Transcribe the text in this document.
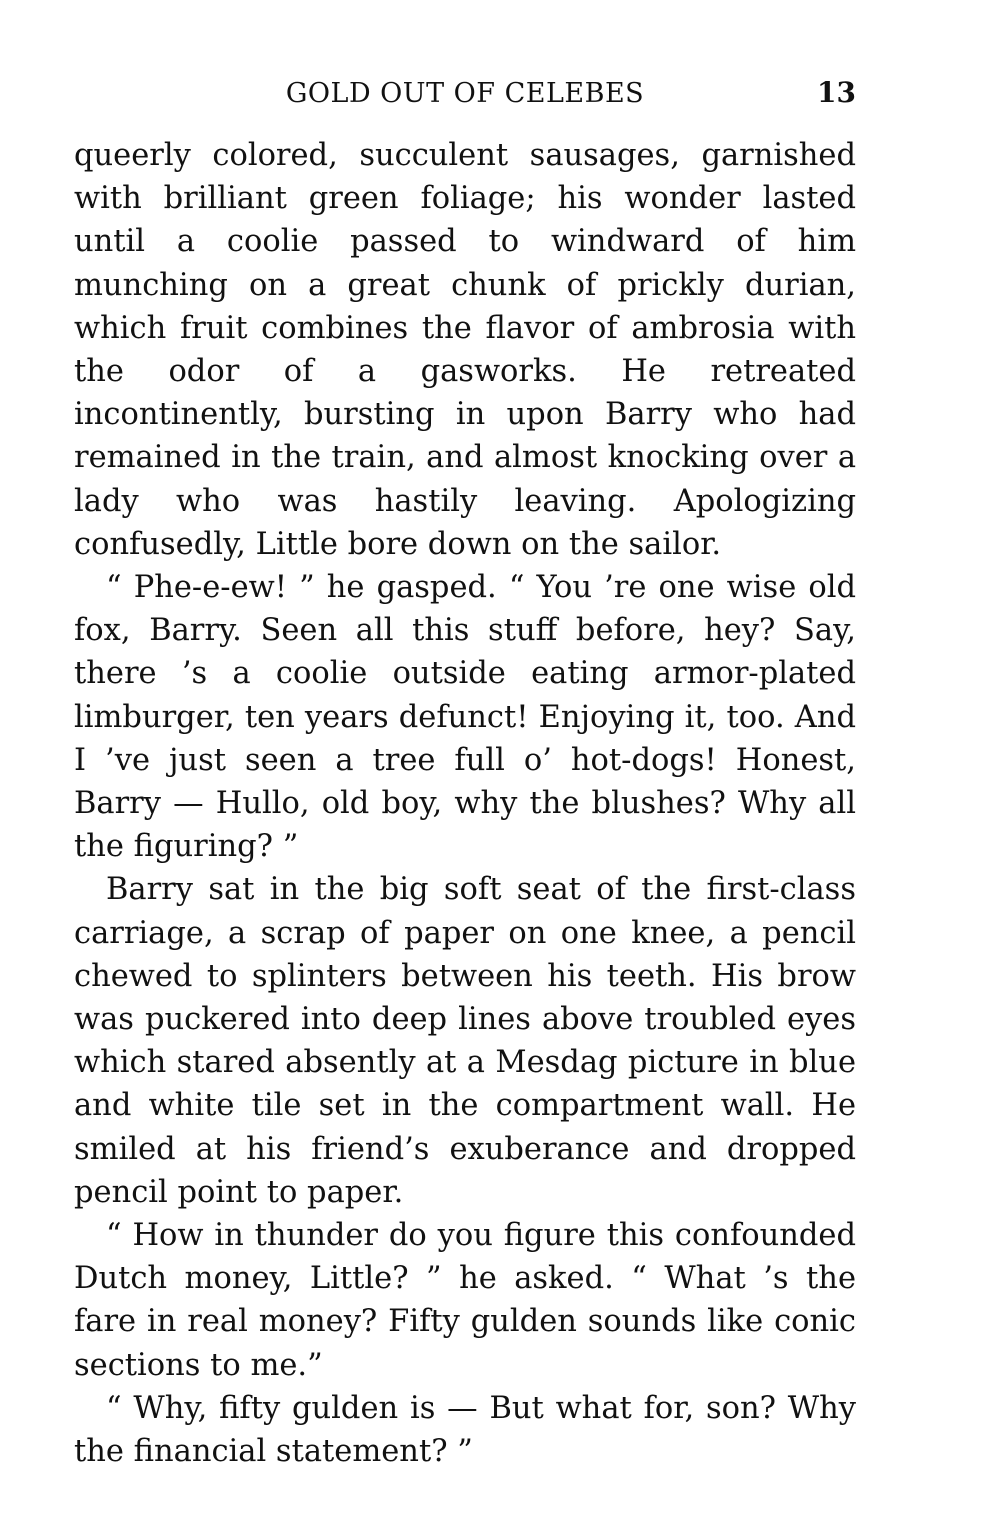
GOLD OUT OF CELEBES	13

queerly colored, succulent sausages, garnished with brilliant green foliage; his wonder lasted until a coolie passed to windward of him munching on a great chunk of prickly durian, which fruit combines the flavor of ambrosia with the odor of a gasworks. He retreated incontinently, bursting in upon Barry who had remained in the train, and almost knocking over a lady who was hastily leaving. Apologizing confusedly, Little bore down on the sailor.

“ Phe-e-ew! ” he gasped. “ You ’re one wise old fox, Barry. Seen all this stuff before, hey? Say, there ’s a coolie outside eating armor-plated limburger, ten years defunct! Enjoying it, too. And I ’ve just seen a tree full o’ hot-dogs! Honest, Barry — Hullo, old boy, why the blushes? Why all the figuring? ”

Barry sat in the big soft seat of the first-class carriage, a scrap of paper on one knee, a pencil chewed to splinters between his teeth. His brow was puckered into deep lines above troubled eyes which stared absently at a Mesdag picture in blue and white tile set in the compartment wall. He smiled at his friend’s exuberance and dropped pencil point to paper.

“ How in thunder do you figure this confounded Dutch money, Little? ” he asked. “ What ’s the fare in real money? Fifty gulden sounds like conic sections to me.”

“ Why, fifty gulden is — But what for, son? Why the financial statement? ”
